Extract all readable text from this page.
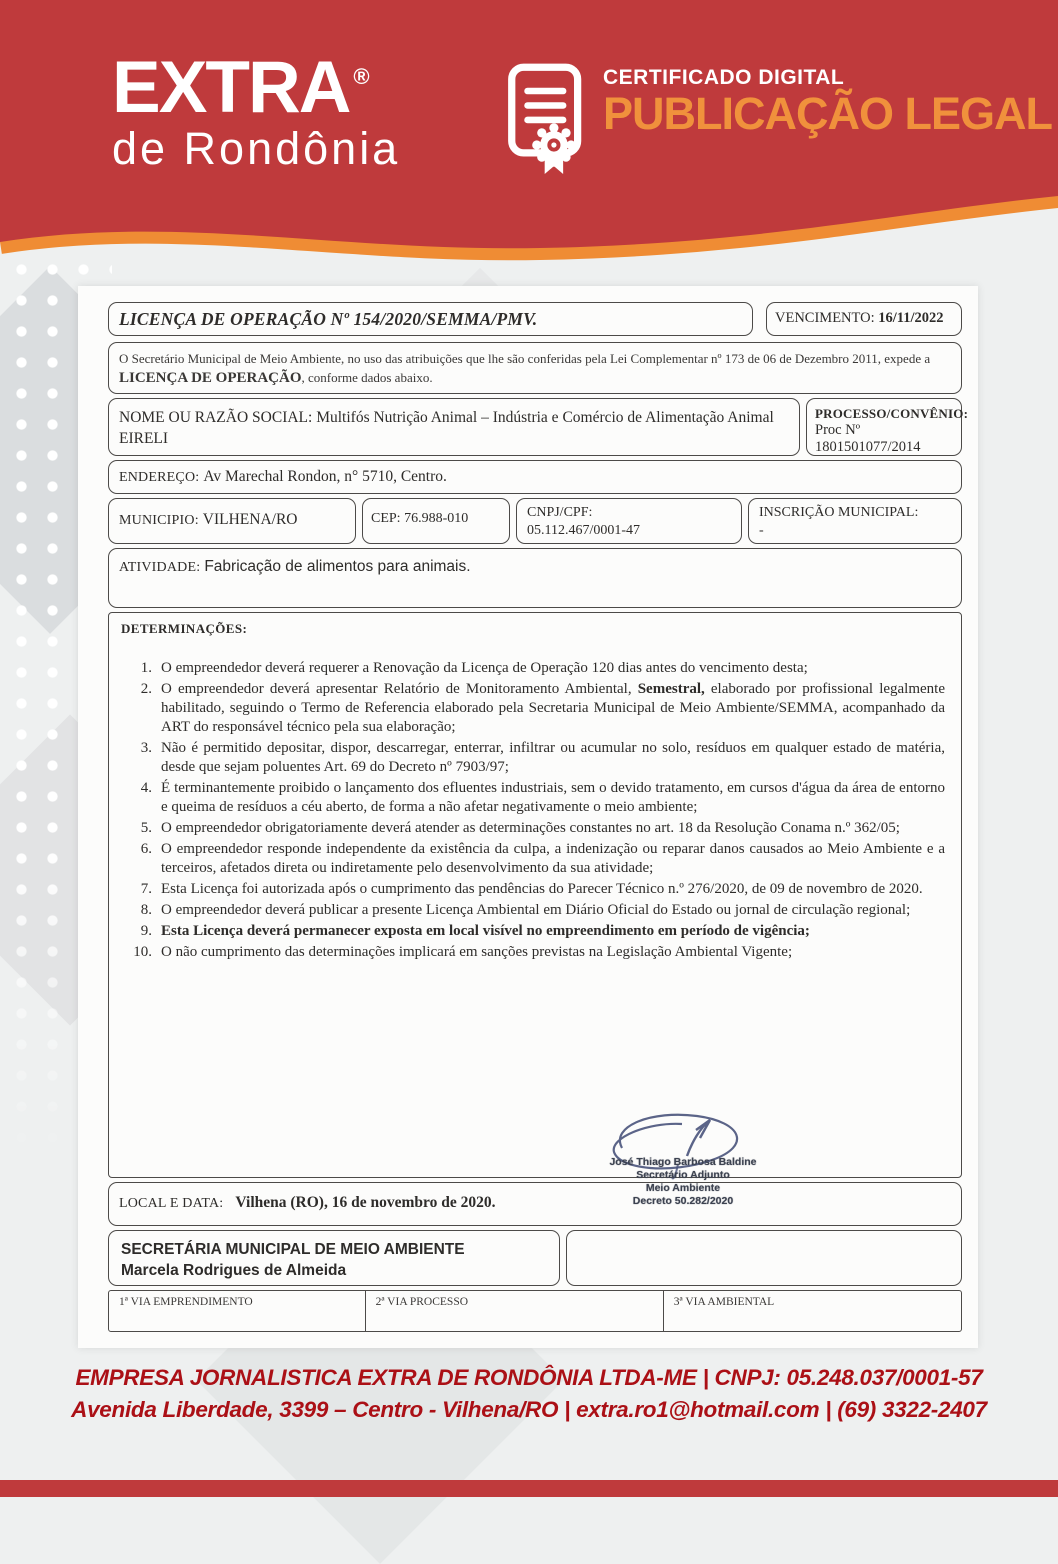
EXTRA ®
de Rondônia
CERTIFICADO DIGITAL
PUBLICAÇÃO LEGAL
LICENÇA DE OPERAÇÃO Nº 154/2020/SEMMA/PMV.	VENCIMENTO: 16/11/2022
O Secretário Municipal de Meio Ambiente, no uso das atribuições que lhe são conferidas pela Lei Complementar nº 173 de 06 de Dezembro 2011, expede a LICENÇA DE OPERAÇÃO, conforme dados abaixo.
NOME OU RAZÃO SOCIAL: Multifós Nutrição Animal – Indústria e Comércio de Alimentação Animal EIRELI
PROCESSO/CONVÊNIO:
Proc Nº 1801501077/2014
ENDEREÇO: Av Marechal Rondon, n° 5710, Centro.
MUNICIPIO: VILHENA/RO	CEP: 76.988-010	CNPJ/CPF:
05.112.467/0001-47
INSCRIÇÃO MUNICIPAL:
-
ATIVIDADE: Fabricação de alimentos para animais.
DETERMINAÇÕES:
1. O empreendedor deverá requerer a Renovação da Licença de Operação 120 dias antes do vencimento desta;
2. O empreendedor deverá apresentar Relatório de Monitoramento Ambiental, Semestral, elaborado por profissional legalmente habilitado, seguindo o Termo de Referencia elaborado pela Secretaria Municipal de Meio Ambiente/SEMMA, acompanhado da ART do responsável técnico pela sua elaboração;
3. Não é permitido depositar, dispor, descarregar, enterrar, infiltrar ou acumular no solo, resíduos em qualquer estado de matéria, desde que sejam poluentes Art. 69 do Decreto nº 7903/97;
4. É terminantemente proibido o lançamento dos efluentes industriais, sem o devido tratamento, em cursos d'água da área de entorno e queima de resíduos a céu aberto, de forma a não afetar negativamente o meio ambiente;
5. O empreendedor obrigatoriamente deverá atender as determinações constantes no art. 18 da Resolução Conama n.º 362/05;
6. O empreendedor responde independente da existência da culpa, a indenização ou reparar danos causados ao Meio Ambiente e a terceiros, afetados direta ou indiretamente pelo desenvolvimento da sua atividade;
7. Esta Licença foi autorizada após o cumprimento das pendências do Parecer Técnico n.º 276/2020, de 09 de novembro de 2020.
8. O empreendedor deverá publicar a presente Licença Ambiental em Diário Oficial do Estado ou jornal de circulação regional;
9. Esta Licença deverá permanecer exposta em local visível no empreendimento em período de vigência;
10. O não cumprimento das determinações implicará em sanções previstas na Legislação Ambiental Vigente;
LOCAL E DATA: Vilhena (RO), 16 de novembro de 2020.
SECRETÁRIA MUNICIPAL DE MEIO AMBIENTE
Marcela Rodrigues de Almeida
1ª VIA EMPRENDIMENTO	2ª VIA PROCESSO	3ª VIA AMBIENTAL
José Thiago Barbosa Baldine
Secretário Adjunto
Meio Ambiente
Decreto 50.282/2020
EMPRESA JORNALISTICA EXTRA DE RONDÔNIA LTDA-ME | CNPJ: 05.248.037/0001-57
Avenida Liberdade, 3399 – Centro - Vilhena/RO | extra.ro1@hotmail.com | (69) 3322-2407
